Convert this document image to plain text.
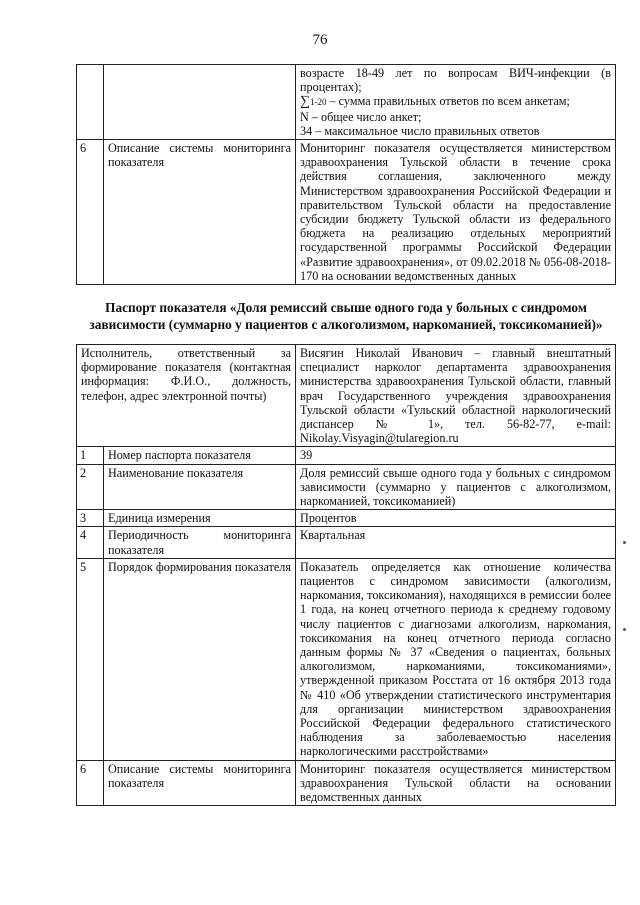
76

		возрасте 18-49 лет по вопросам ВИЧ-инфекции (в процентах);
∑1-20 – сумма правильных ответов по всем анкетам;
N – общее число анкет;
34 – максимальное число правильных ответов

6	Описание системы мониторинга показателя	Мониторинг показателя осуществляется министерством здравоохранения Тульской области в течение срока действия соглашения, заключенного между Министерством здравоохранения Российской Федерации и правительством Тульской области на предоставление субсидии бюджету Тульской области из федерального бюджета на реализацию отдельных мероприятий государственной программы Российской Федерации «Развитие здравоохранения», от 09.02.2018 № 056-08-2018-170 на основании ведомственных данных
Паспорт показателя «Доля ремиссий свыше одного года у больных с синдромом зависимости (суммарно у пациентов с алкоголизмом, наркоманией, токсикоманией)»
Исполнитель, ответственный за формирование показателя (контактная информация: Ф.И.О., должность, телефон, адрес электронной почты)		Висягин Николай Иванович – главный внештатный специалист нарколог департамента здравоохранения министерства здравоохранения Тульской области, главный врач Государственного учреждения здравоохранения Тульской области «Тульский областной наркологический диспансер № 1», тел. 56-82-77, e-mail: Nikolay.Visyagin@tularegion.ru
1	Номер паспорта показателя	39
2	Наименование показателя	Доля ремиссий свыше одного года у больных с синдромом зависимости (суммарно у пациентов с алкоголизмом, наркоманией, токсикоманией)
3	Единица измерения	Процентов
4	Периодичность мониторинга показателя	Квартальная
5	Порядок формирования показателя	Показатель определяется как отношение количества пациентов с синдромом зависимости (алкоголизм, наркомания, токсикомания), находящихся в ремиссии более 1 года, на конец отчетного периода к среднему годовому числу пациентов с диагнозами алкоголизм, наркомания, токсикомания на конец отчетного периода согласно данным формы № 37 «Сведения о пациентах, больных алкоголизмом, наркоманиями, токсикоманиями», утвержденной приказом Росстата от 16 октября 2013 года № 410 «Об утверждении статистического инструментария для организации министерством здравоохранения Российской Федерации федерального статистического наблюдения за заболеваемостью населения наркологическими расстройствами»
6	Описание системы мониторинга показателя	Мониторинг показателя осуществляется министерством здравоохранения Тульской области на основании ведомственных данных
